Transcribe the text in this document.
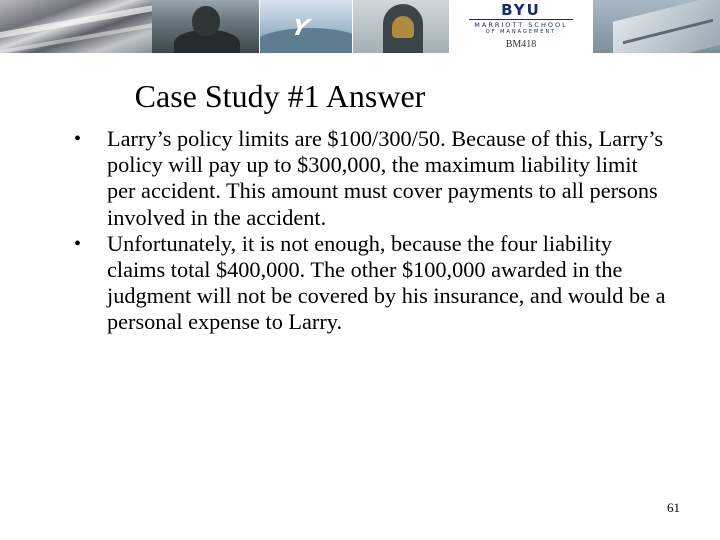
Y
BYU
MARRIOTT SCHOOL
OF MANAGEMENT
BM418
Case Study #1 Answer
• Larry’s policy limits are $100/300/50. Because of this, Larry’s policy will pay up to $300,000, the maximum liability limit per accident. This amount must cover payments to all persons involved in the accident.
• Unfortunately, it is not enough, because the four liability claims total $400,000. The other $100,000 awarded in the judgment will not be covered by his insurance, and would be a personal expense to Larry.
61
